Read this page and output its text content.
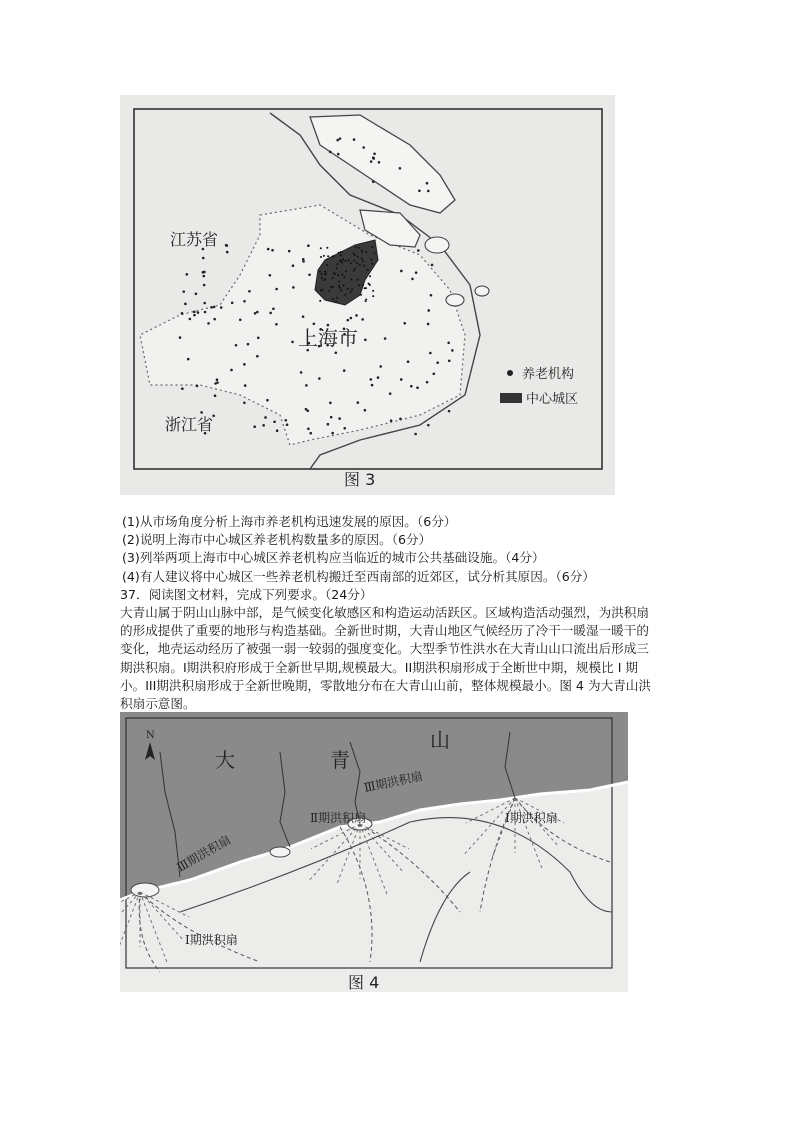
江苏省
上海市
浙江省
养老机构
中心城区
图 3

(1)从市场角度分析上海市养老机构迅速发展的原因。（6分）

(2)说明上海市中心城区养老机构数量多的原因。（6分）

(3)列举两项上海市中心城区养老机构应当临近的城市公共基础设施。（4分）

(4)有人建议将中心城区一些养老机构搬迁至西南部的近郊区，试分析其原因。（6分）

37．阅读图文材料，完成下列要求。（24分）

大青山属于阴山山脉中部，是气候变化敏感区和构造运动活跃区。区域构造活动强烈，为洪积扇的形成提供了重要的地形与构造基础。全新世时期，大青山地区气候经历了冷干一暖湿一暖干的变化，地壳运动经历了被强一弱一较弱的强度变化。大型季节性洪水在大青山山口流出后形成三期洪积扇。I期洪积府形成于全新世早期,规模最大。II期洪积扇形成于全断世中期，规模比 I 期小。III期洪积扇形成于全新世晚期，零散地分布在大青山山前，整体规模最小。图 4 为大青山洪积扇示意图。

N
大	青
山
Ⅲ期洪积扇
Ⅲ期洪积扇
Ⅱ期洪积扇	Ⅰ期洪积扇
Ⅰ期洪积扇
图 4
